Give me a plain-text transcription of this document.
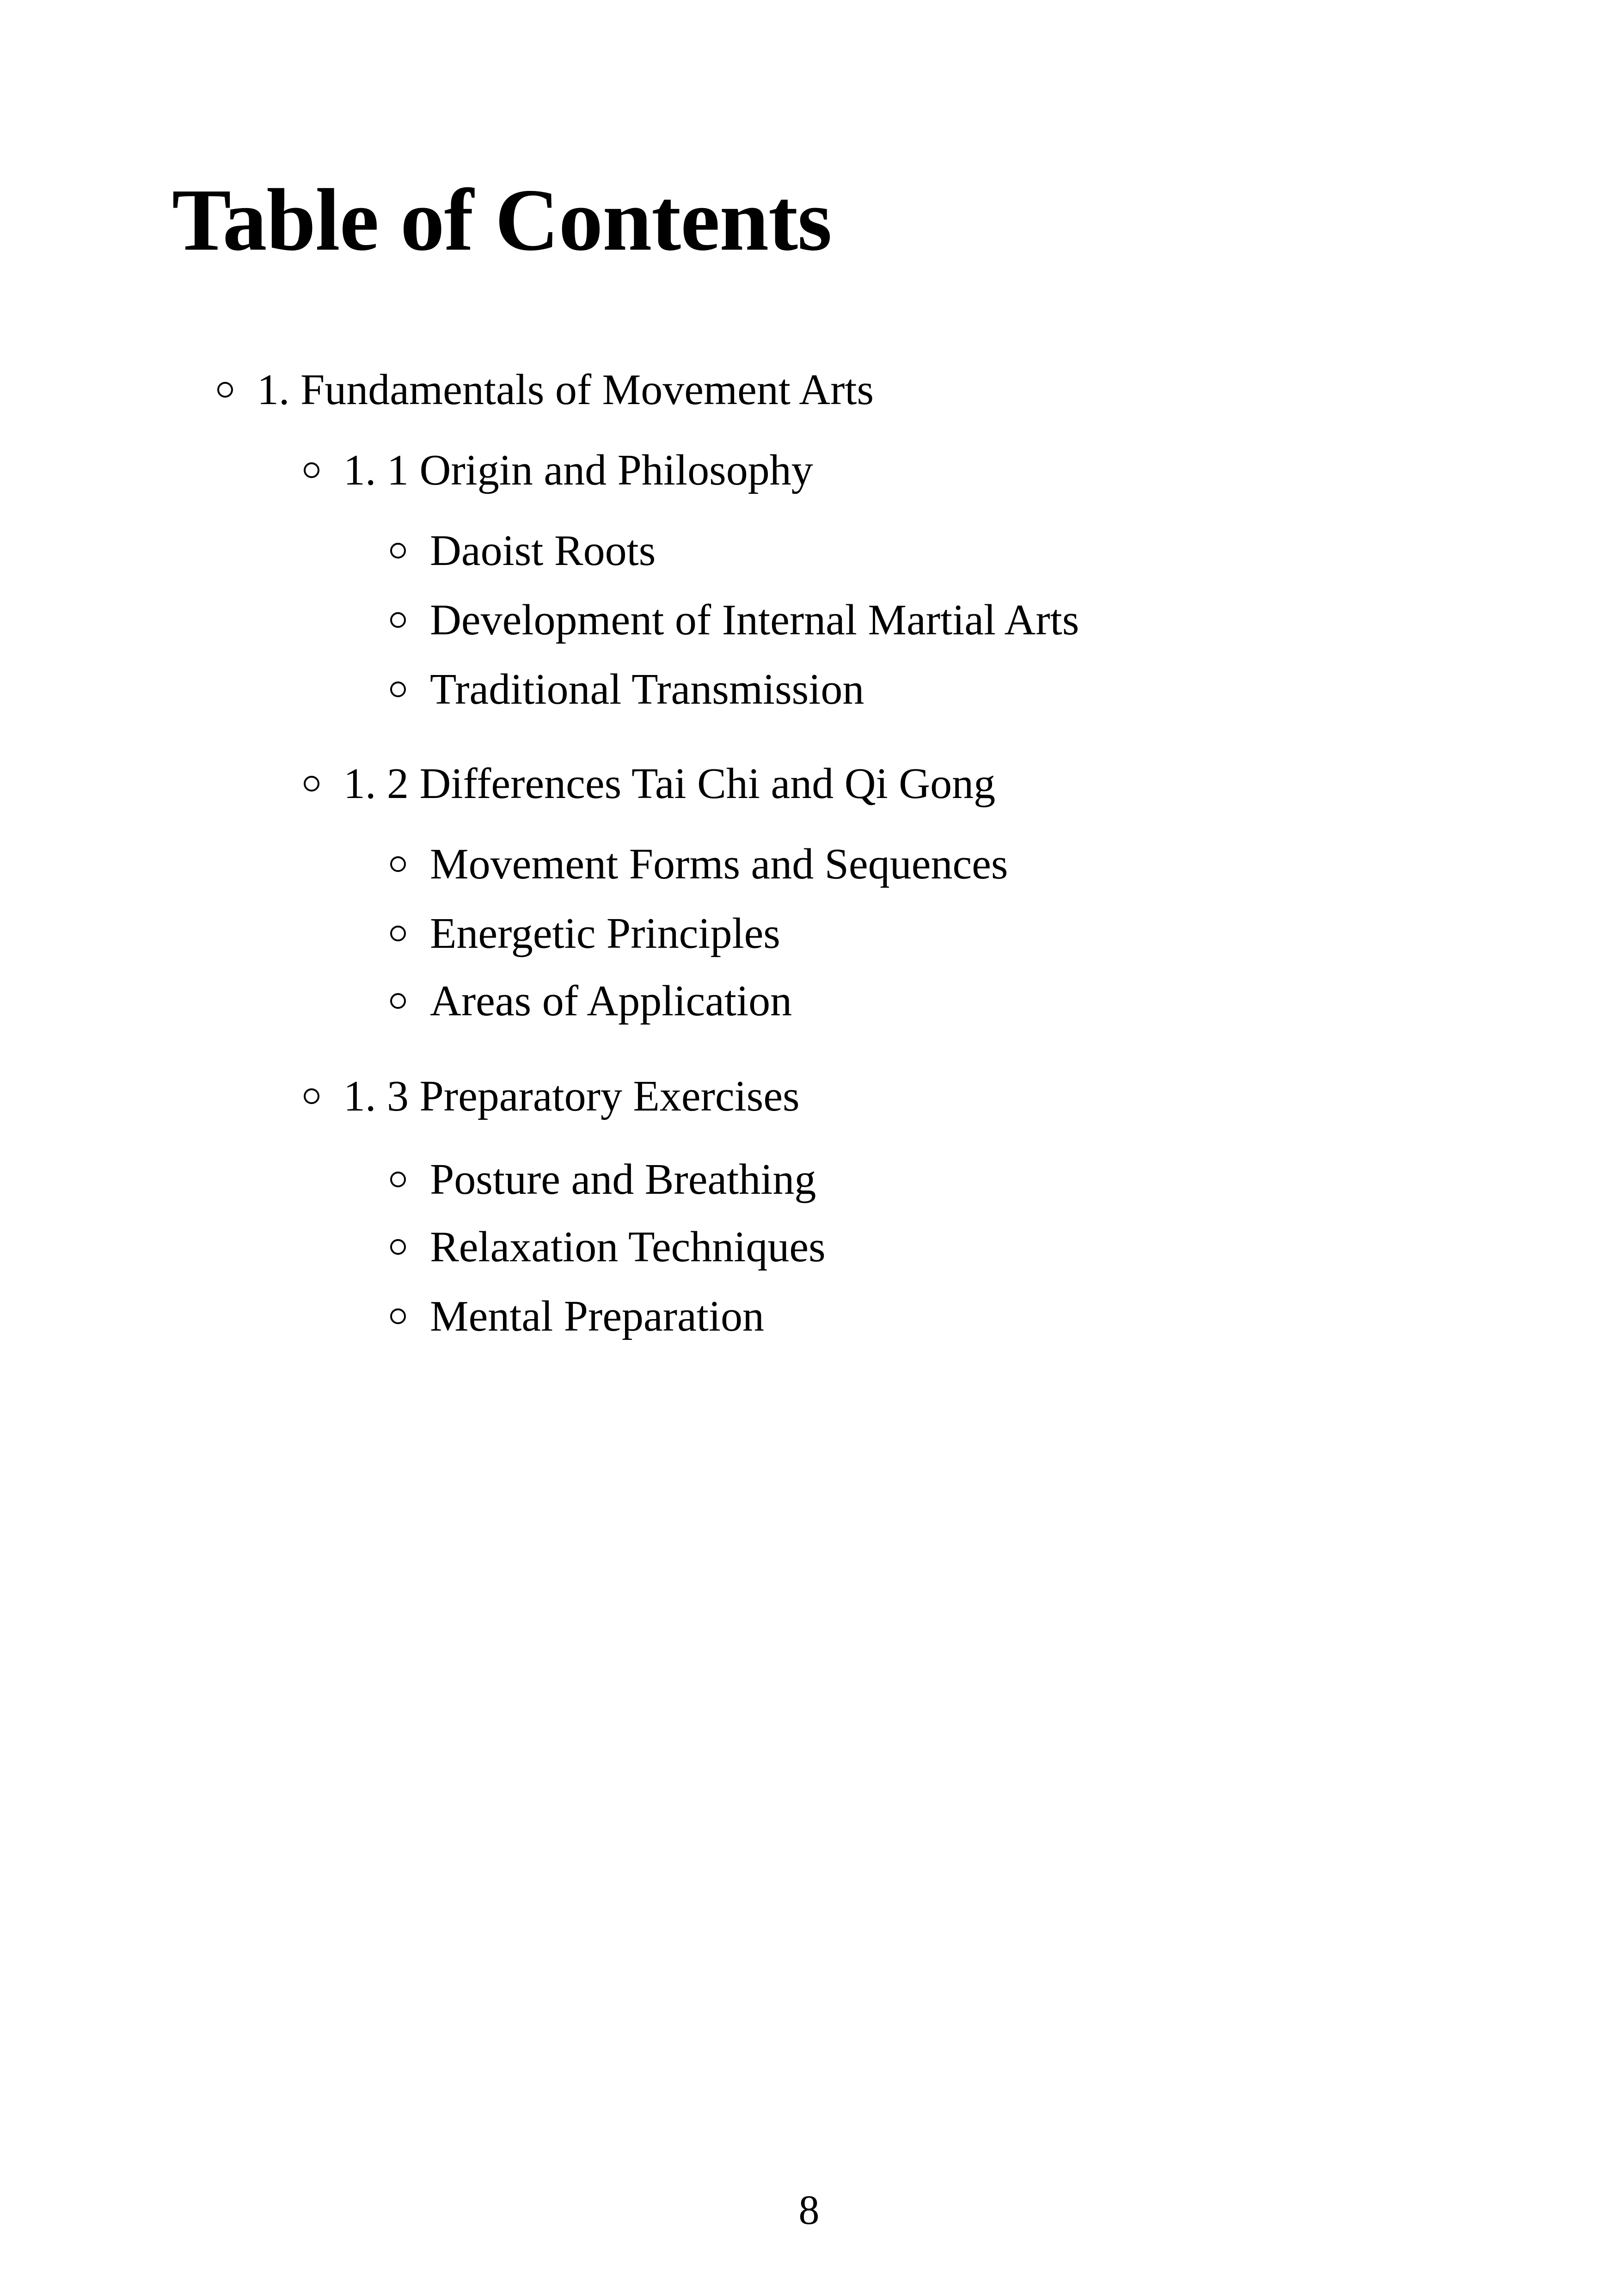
Table of Contents
1. Fundamentals of Movement Arts
1. 1 Origin and Philosophy
Daoist Roots
Development of Internal Martial Arts
Traditional Transmission
1. 2 Differences Tai Chi and Qi Gong
Movement Forms and Sequences
Energetic Principles
Areas of Application
1. 3 Preparatory Exercises
Posture and Breathing
Relaxation Techniques
Mental Preparation
8
